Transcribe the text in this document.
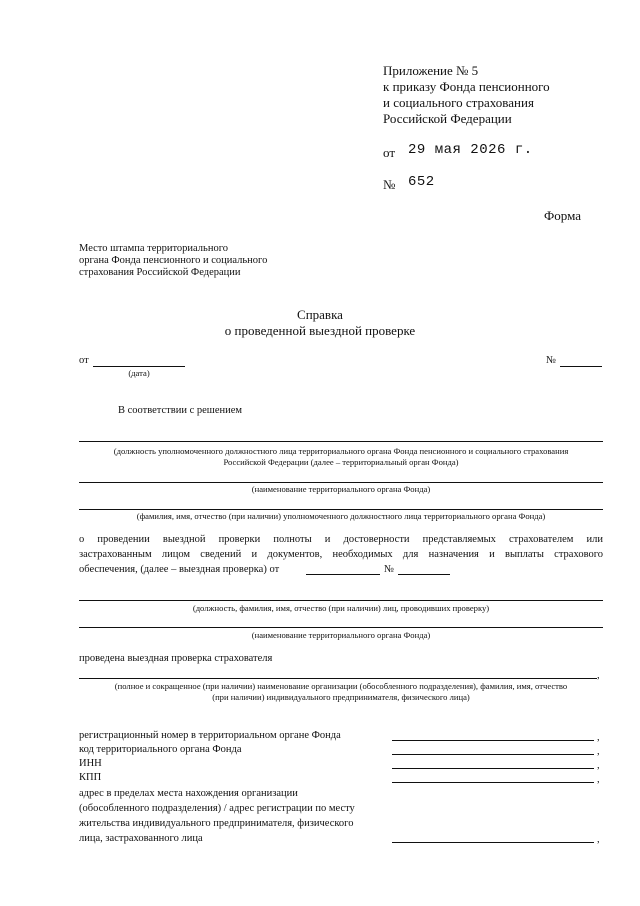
Приложение № 5
к приказу Фонда пенсионного
и социального страхования
Российской Федерации
от 29 мая 2026 г.
№ 652
Форма
Место штампа территориального
органа Фонда пенсионного и социального
страхования Российской Федерации
Справка
о проведенной выездной проверке
от
(дата)
№
В соответствии с решением
(должность уполномоченного должностного лица территориального органа Фонда пенсионного и социального страхования
Российской Федерации (далее – территориальный орган Фонда)
(наименование территориального органа Фонда)
(фамилия, имя, отчество (при наличии) уполномоченного должностного лица территориального органа Фонда)
о проведении выездной проверки полноты и достоверности представляемых страхователем или
застрахованным лицом сведений и документов, необходимых для назначения и выплаты страхового
обеспечения, (далее – выездная проверка) от	№
(должность, фамилия, имя, отчество (при наличии) лиц, проводивших проверку)
(наименование территориального органа Фонда)
проведена выездная проверка страхователя
,
(полное и сокращенное (при наличии) наименование организации (обособленного подразделения), фамилия, имя, отчество
(при наличии) индивидуального предпринимателя, физического лица)
регистрационный номер в территориальном органе Фонда	,
код территориального органа Фонда	,
ИНН	,
КПП	,
адрес в пределах места нахождения организации
(обособленного подразделения) / адрес регистрации по месту
жительства индивидуального предпринимателя, физического
лица, застрахованного лица	,
